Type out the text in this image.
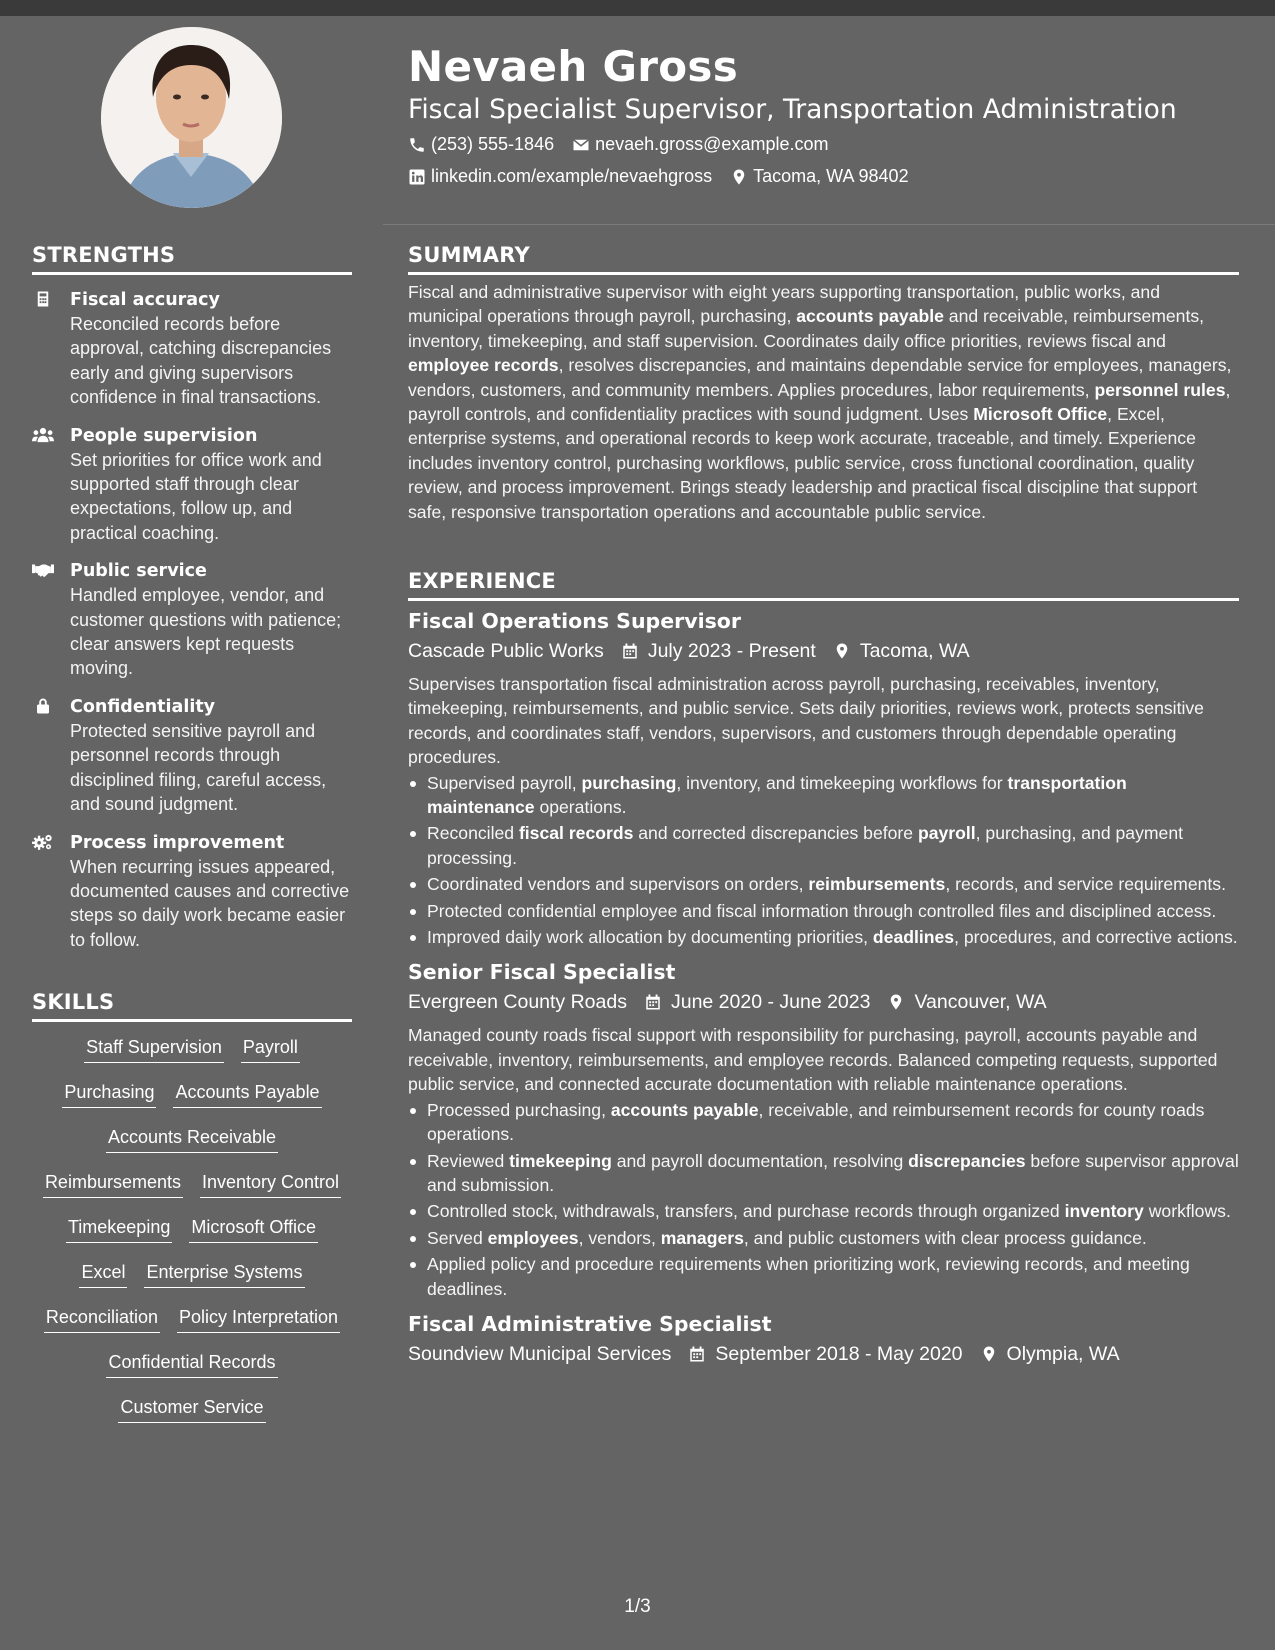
Nevaeh Gross
Fiscal Specialist Supervisor, Transportation Administration
(253) 555-1846 nevaeh.gross@example.com
linkedin.com/example/nevaehgross Tacoma, WA 98402
STRENGTHS
Fiscal accuracy
Reconciled records before approval, catching discrepancies early and giving supervisors confidence in final transactions.
People supervision
Set priorities for office work and supported staff through clear expectations, follow up, and practical coaching.
Public service
Handled employee, vendor, and customer questions with patience; clear answers kept requests moving.
Confidentiality
Protected sensitive payroll and personnel records through disciplined filing, careful access, and sound judgment.
Process improvement
When recurring issues appeared, documented causes and corrective steps so daily work became easier to follow.
SKILLS
Staff Supervision Payroll
Purchasing Accounts Payable
Accounts Receivable
Reimbursements Inventory Control
Timekeeping Microsoft Office
Excel Enterprise Systems
Reconciliation Policy Interpretation
Confidential Records
Customer Service
SUMMARY
Fiscal and administrative supervisor with eight years supporting transportation, public works, and municipal operations through payroll, purchasing, accounts payable and receivable, reimbursements, inventory, timekeeping, and staff supervision. Coordinates daily office priorities, reviews fiscal and employee records, resolves discrepancies, and maintains dependable service for employees, managers, vendors, customers, and community members. Applies procedures, labor requirements, personnel rules, payroll controls, and confidentiality practices with sound judgment. Uses Microsoft Office, Excel, enterprise systems, and operational records to keep work accurate, traceable, and timely. Experience includes inventory control, purchasing workflows, public service, cross functional coordination, quality review, and process improvement. Brings steady leadership and practical fiscal discipline that support safe, responsive transportation operations and accountable public service.
EXPERIENCE
Fiscal Operations Supervisor
Cascade Public Works July 2023 - Present Tacoma, WA
Supervises transportation fiscal administration across payroll, purchasing, receivables, inventory, timekeeping, reimbursements, and public service. Sets daily priorities, reviews work, protects sensitive records, and coordinates staff, vendors, supervisors, and customers through dependable operating procedures.
Supervised payroll, purchasing, inventory, and timekeeping workflows for transportation maintenance operations.
Reconciled fiscal records and corrected discrepancies before payroll, purchasing, and payment processing.
Coordinated vendors and supervisors on orders, reimbursements, records, and service requirements.
Protected confidential employee and fiscal information through controlled files and disciplined access.
Improved daily work allocation by documenting priorities, deadlines, procedures, and corrective actions.
Senior Fiscal Specialist
Evergreen County Roads June 2020 - June 2023 Vancouver, WA
Managed county roads fiscal support with responsibility for purchasing, payroll, accounts payable and receivable, inventory, reimbursements, and employee records. Balanced competing requests, supported public service, and connected accurate documentation with reliable maintenance operations.
Processed purchasing, accounts payable, receivable, and reimbursement records for county roads operations.
Reviewed timekeeping and payroll documentation, resolving discrepancies before supervisor approval and submission.
Controlled stock, withdrawals, transfers, and purchase records through organized inventory workflows.
Served employees, vendors, managers, and public customers with clear process guidance.
Applied policy and procedure requirements when prioritizing work, reviewing records, and meeting deadlines.
Fiscal Administrative Specialist
Soundview Municipal Services September 2018 - May 2020 Olympia, WA
1/3
